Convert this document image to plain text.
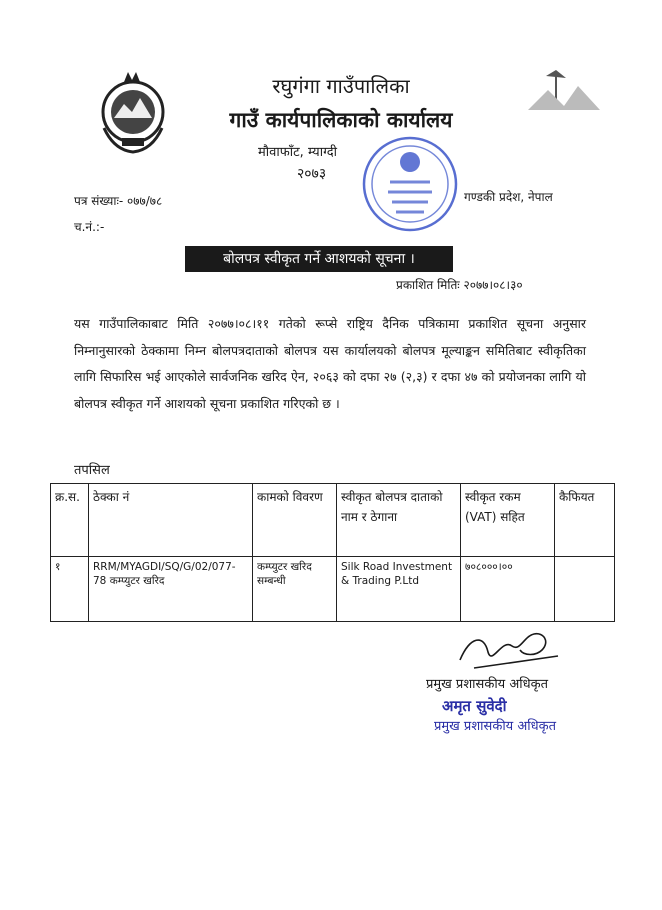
रघुगंगा गाउँपालिका
गाउँ कार्यपालिकाको कार्यालय
मौवाफाँट, म्याग्दी
२०७३
पत्र संख्याः- ०७७/७८
च.नं.:-
गण्डकी प्रदेश, नेपाल
बोलपत्र स्वीकृत गर्ने आशयको सूचना ।
प्रकाशित मितिः २०७७।०८।३०
यस गाउँपालिकाबाट मिति २०७७।०८।११ गतेको रूप्से राष्ट्रिय दैनिक पत्रिकामा प्रकाशित सूचना अनुसार निम्नानुसारको ठेक्कामा निम्न बोलपत्रदाताको बोलपत्र यस कार्यालयको बोलपत्र मूल्याङ्कन समितिबाट स्वीकृतिका लागि सिफारिस भई आएकोले सार्वजनिक खरिद ऐन, २०६३ को दफा २७ (२,३) र दफा ४७ को प्रयोजनका लागि यो बोलपत्र स्वीकृत गर्ने आशयको सूचना प्रकाशित गरिएको छ ।
तपसिल
क्र.स.	ठेक्का नं	कामको विवरण	स्वीकृत बोलपत्र दाताको नाम र ठेगाना	स्वीकृत रकम (VAT) सहित	कैफियत
१	RRM/MYAGDI/SQ/G/02/077-78 कम्प्युटर खरिद	कम्प्युटर खरिद सम्बन्धी	Silk Road Investment & Trading P.Ltd	७०८०००।००	
प्रमुख प्रशासकीय अधिकृत
अमृत सुवेदी
प्रमुख प्रशासकीय अधिकृत
